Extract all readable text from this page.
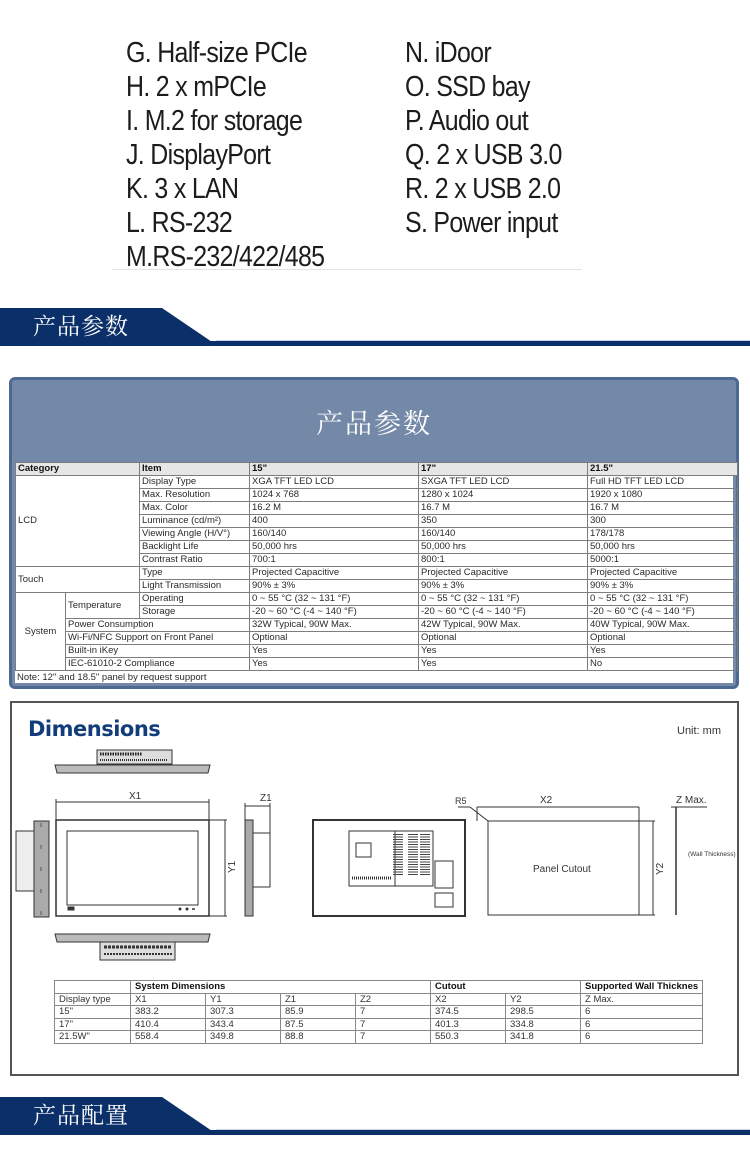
G. Half-size PCIe
H. 2 x mPCIe
I. M.2 for storage
J. DisplayPort
K. 3 x LAN
L. RS-232
M.RS-232/422/485
N. iDoor
O. SSD bay
P. Audio out
Q. 2 x USB 3.0
R. 2 x USB 2.0
S. Power input
产品参数
产品参数
Category		Item	15"	17"	21.5"
LCD		Display Type	XGA TFT LED LCD	SXGA TFT LED LCD	Full HD TFT LED LCD
		Max. Resolution	1024 x 768	1280 x 1024	1920 x 1080
		Max. Color	16.2 M	16.7 M	16.7 M
		Luminance (cd/m²)	400	350	300
		Viewing Angle (H/V°)	160/140	160/140	178/178
		Backlight Life	50,000 hrs	50,000 hrs	50,000 hrs
		Contrast Ratio	700:1	800:1	5000:1
Touch		Type	Projected Capacitive	Projected Capacitive	Projected Capacitive
		Light Transmission	90% ± 3%	90% ± 3%	90% ± 3%
System	Temperature	Operating	0 ~ 55 °C (32 ~ 131 °F)	0 ~ 55 °C (32 ~ 131 °F)	0 ~ 55 °C (32 ~ 131 °F)
		Storage	-20 ~ 60 °C (-4 ~ 140 °F)	-20 ~ 60 °C (-4 ~ 140 °F)	-20 ~ 60 °C (-4 ~ 140 °F)
	Power Consumption		32W Typical, 90W Max.	42W Typical, 90W Max.	40W Typical, 90W Max.
	Wi-Fi/NFC Support on Front Panel		Optional	Optional	Optional
	Built-in iKey		Yes	Yes	Yes
	IEC-61010-2 Compliance		Yes	Yes	No
Note: 12" and 18.5" panel by request support
X1	Z1	X2
R5	Z Max.
(Wall Thickness)
Panel Cutout
Y1	Y2
Dimensions	Unit: mm
	System Dimensions				Cutout		Supported Wall Thicknes
Display type	X1	Y1	Z1	Z2	X2	Y2	Z Max.
15"	383.2	307.3	85.9	7	374.5	298.5	6
17"	410.4	343.4	87.5	7	401.3	334.8	6
21.5W"	558.4	349.8	88.8	7	550.3	341.8	6
产品配置
